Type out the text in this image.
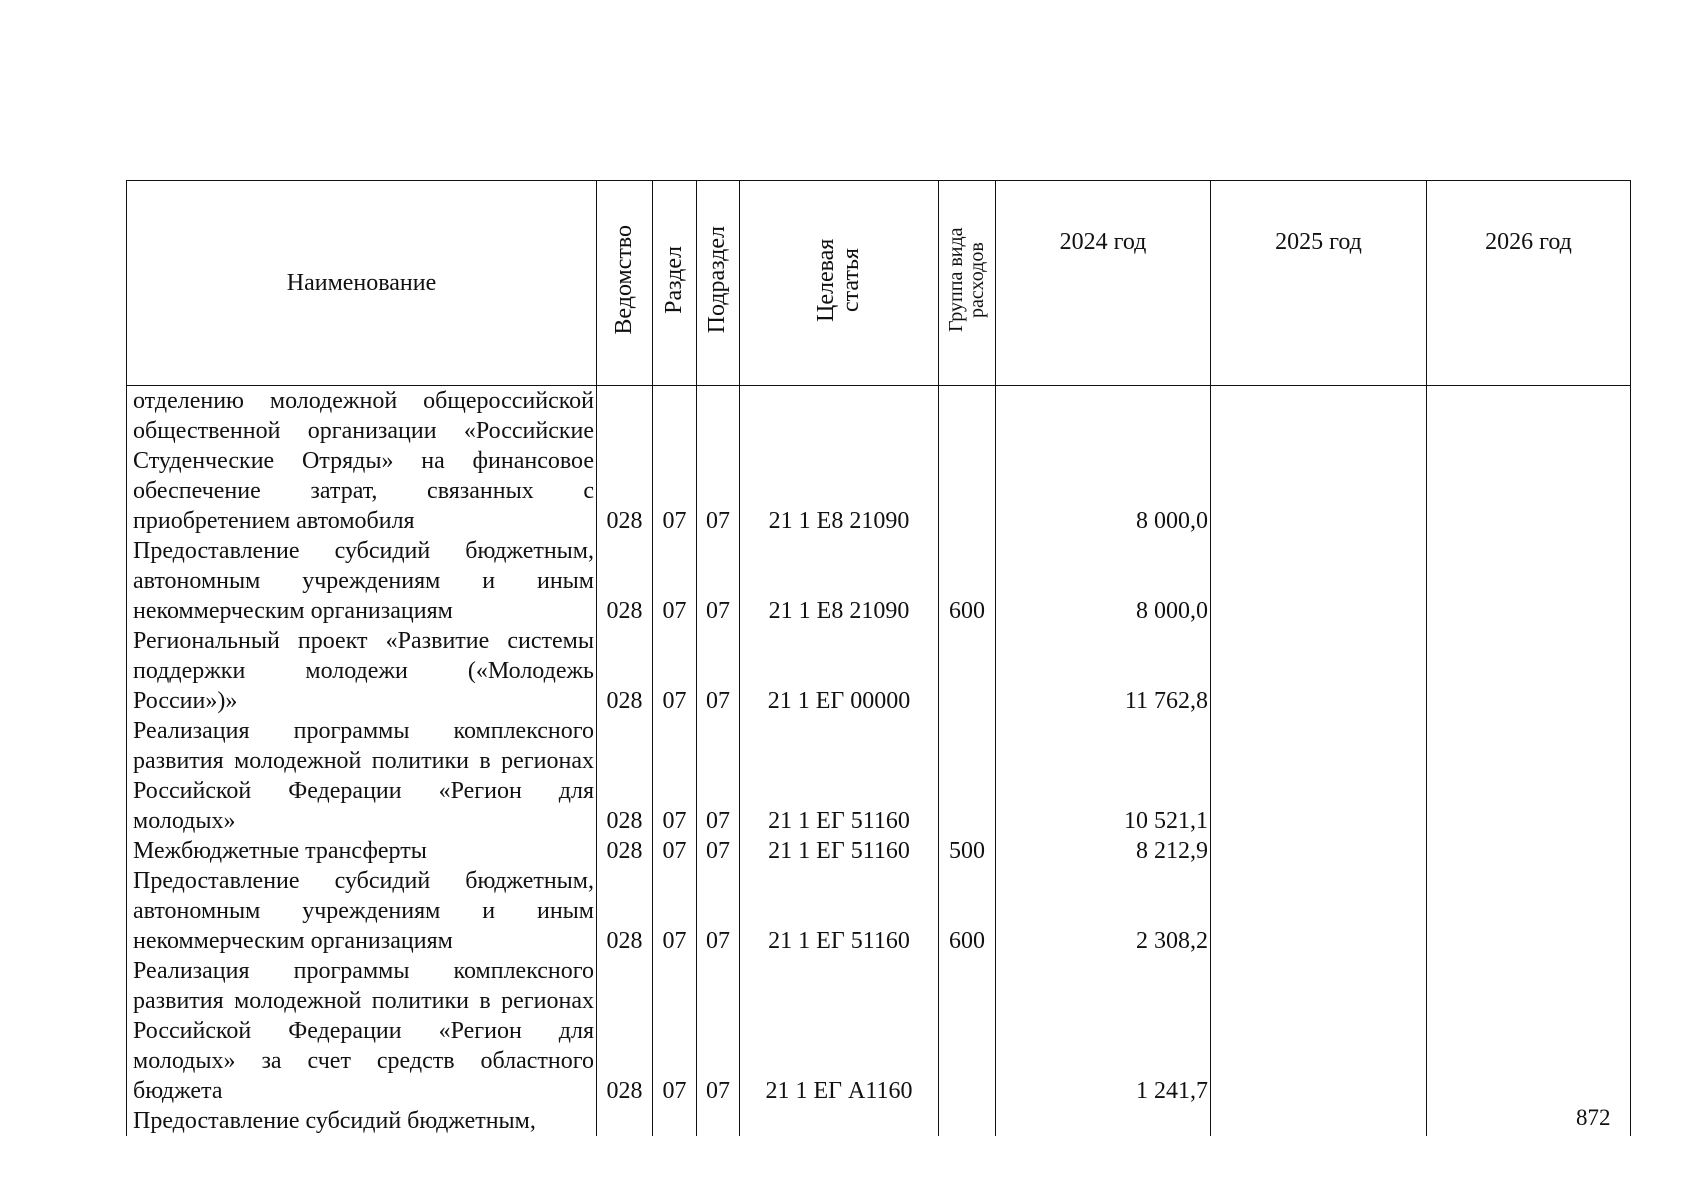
Наименование	Ведомство	Раздел	Подраздел	Целевая статья	Группа вида расходов	2024 год	2025 год	2026 год
отделению молодежной общероссийской общественной организации «Российские Студенческие Отряды» на финансовое обеспечение затрат, связанных с приобретением автомобиля	028	07	07	21 1 Е8 21090		8 000,0		
Предоставление субсидий бюджетным, автономным учреждениям и иным некоммерческим организациям	028	07	07	21 1 Е8 21090	600	8 000,0		
Региональный проект «Развитие системы поддержки молодежи («Молодежь России»)»	028	07	07	21 1 ЕГ 00000		11 762,8		
Реализация программы комплексного развития молодежной политики в регионах Российской Федерации «Регион для молодых»	028	07	07	21 1 ЕГ 51160		10 521,1		
Межбюджетные трансферты	028	07	07	21 1 ЕГ 51160	500	8 212,9		
Предоставление субсидий бюджетным, автономным учреждениям и иным некоммерческим организациям	028	07	07	21 1 ЕГ 51160	600	2 308,2		
Реализация программы комплексного развития молодежной политики в регионах Российской Федерации «Регион для молодых» за счет средств областного бюджета	028	07	07	21 1 ЕГ А1160		1 241,7		
Предоставление субсидий бюджетным,									872
